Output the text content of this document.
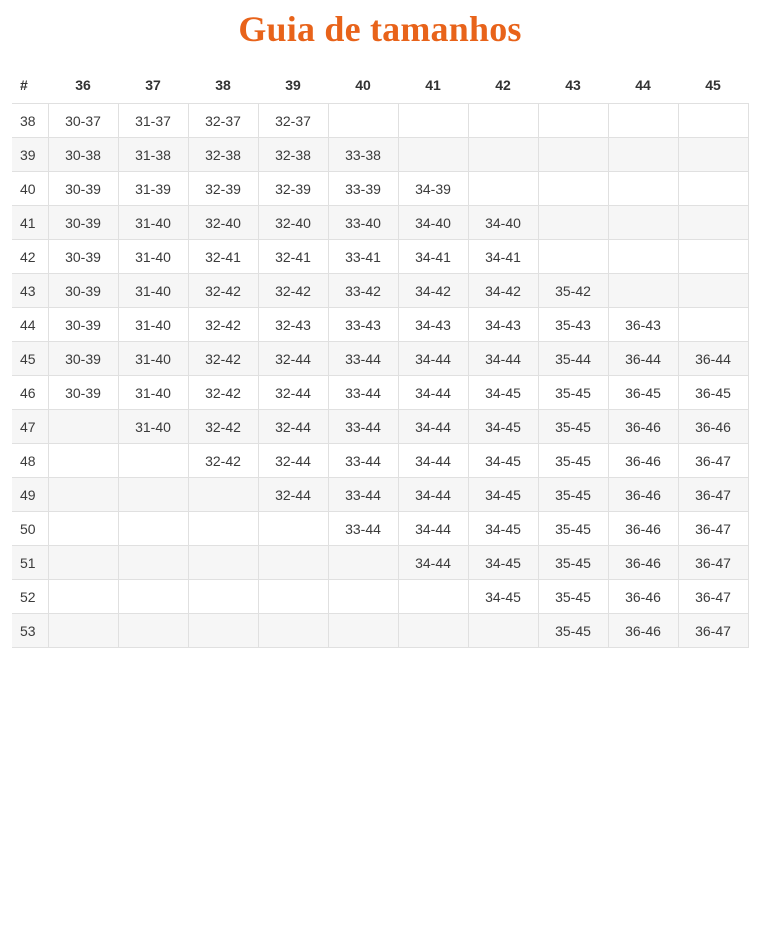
Guia de tamanhos
#	36	37	38	39	40	41	42	43	44	45
38	30-37	31-37	32-37	32-37						
39	30-38	31-38	32-38	32-38	33-38					
40	30-39	31-39	32-39	32-39	33-39	34-39				
41	30-39	31-40	32-40	32-40	33-40	34-40	34-40			
42	30-39	31-40	32-41	32-41	33-41	34-41	34-41			
43	30-39	31-40	32-42	32-42	33-42	34-42	34-42	35-42		
44	30-39	31-40	32-42	32-43	33-43	34-43	34-43	35-43	36-43	
45	30-39	31-40	32-42	32-44	33-44	34-44	34-44	35-44	36-44	36-44
46	30-39	31-40	32-42	32-44	33-44	34-44	34-45	35-45	36-45	36-45
47		31-40	32-42	32-44	33-44	34-44	34-45	35-45	36-46	36-46
48			32-42	32-44	33-44	34-44	34-45	35-45	36-46	36-47
49				32-44	33-44	34-44	34-45	35-45	36-46	36-47
50					33-44	34-44	34-45	35-45	36-46	36-47
51						34-44	34-45	35-45	36-46	36-47
52							34-45	35-45	36-46	36-47
53								35-45	36-46	36-47
